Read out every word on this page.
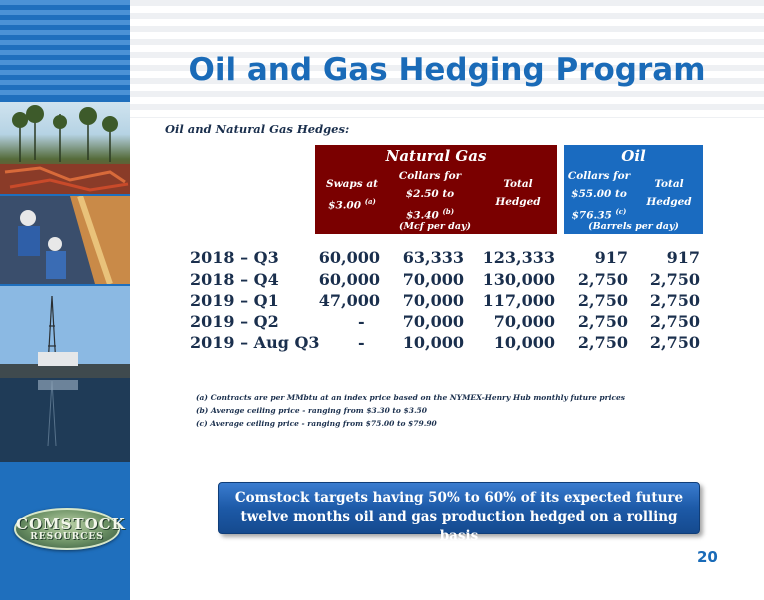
COMSTOCK
RESOURCES
Oil and Gas Hedging Program
Oil and Natural Gas Hedges:
Natural Gas
Swaps at
$3.00 $^{(a)}$
Collars for
$2.50 to
$3.40 $^{(b)}$
Total
Hedged
(Mcf per day)
Oil
Collars for
$55.00 to
$76.35 $^{(c)}$
Total
Hedged
(Barrels per day)
2018 – Q3	60,000 63,333 123,333 917 917
2018 – Q4	60,000 70,000 130,000 2,750 2,750
2019 – Q1	47,000 70,000 117,000 2,750 2,750
2019 – Q2	- 70,000 70,000 2,750 2,750
2019 – Aug Q3 - 10,000 10,000 2,750 2,750
(a) Contracts are per MMbtu at an index price based on the NYMEX-Henry Hub monthly future prices
(b) Average ceiling price - ranging from $3.30 to $3.50
(c) Average ceiling price - ranging from $75.00 to $79.90
Comstock targets having 50% to 60% of its expected future twelve months oil and gas production hedged on a rolling basis
20
